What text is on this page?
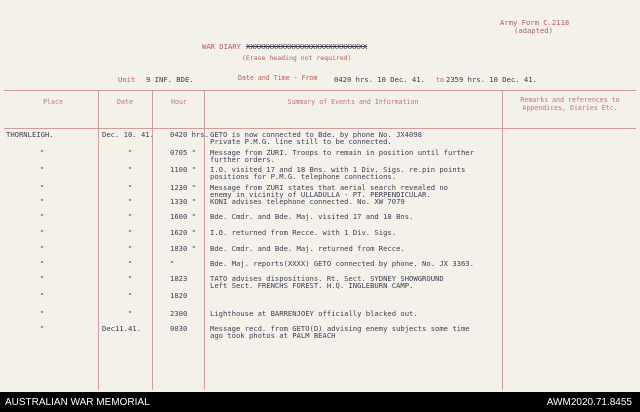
Army Form C.2118
(adapted)
WAR DIARY XXXXXXXXXXXXXXXXXXXXXXXXXXXX
(Erase heading not required)
Unit 9 INF. BDE.	Date and Time - From 0420 hrs. 10 Dec. 41. to 2359 hrs. 10 Dec. 41.
Place	Date	Hour	Summary of Events and Information	Remarks and references to Appendices, Diaries Etc.
THORNLEIGH.	Dec. 10. 41. 0420 hrs. GETO is now connected to Bde. by phone No. JX4098
Private P.M.G. line still to be connected.
"	"	0705 " Message from ZURI. Troops to remain in position until further
further orders.
"	"	1100 " I.O. visited 17 and 18 Bns. with 1 Div. Sigs. re.pin points
positions for P.M.G. telephone connections.
"	"	1230 " Message from ZURI states that aerial search revealed no
enemy in vicinity of ULLADULLA - PT. PERPENDICULAR.
"	"	1330 " KONI advises telephone connected. No. XW 7079
"	"	1600 " Bde. Cmdr. and Bde. Maj. visited 17 and 18 Bns.
"	"	1620 " I.O. returned from Recce. with 1 Div. Sigs.
"	"	1830 " Bde. Cmdr. and Bde. Maj. returned from Recce.
"	"	"	Bde. Maj. reports(XXXX) GETO connected by phone. No. JX 3363.
"	"	1823	TATO advises dispositions. Rt. Sect. SYDNEY SHOWGROUND
Left Sect. FRENCHS FOREST. H.Q. INGLEBURN CAMP.
"	"	1820
"	"	2300	Lighthouse at BARRENJOEY officially blacked out.
"	Dec11.41.	0030	Message recd. from GETO(D) advising enemy subjects some time
ago took photos at PALM BEACH
AUSTRALIAN WAR MEMORIAL	AWM2020.71.8455
